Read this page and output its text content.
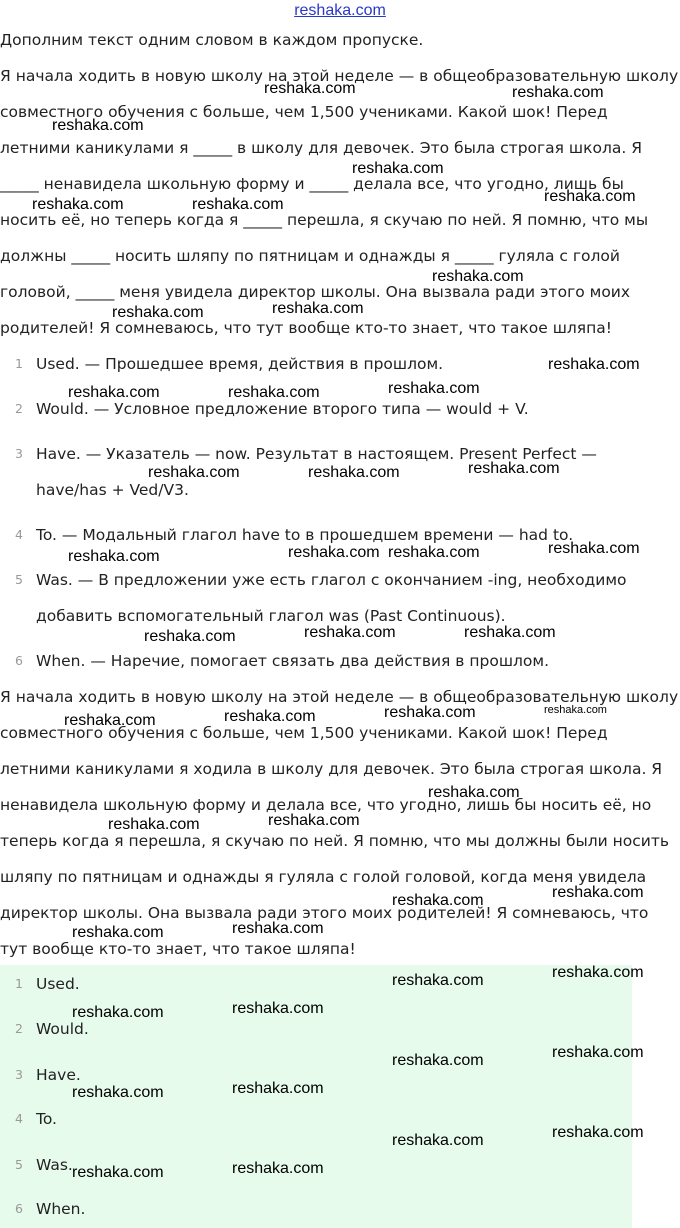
reshaka.com
Дополним текст одним словом в каждом пропуске.
Я начала ходить в новую школу на этой неделе — в общеобразовательную школу совместного обучения с больше, чем 1,500 учениками. Какой шок! Перед летними каникулами я _____ в школу для девочек. Это была строгая школа. Я _____ ненавидела школьную форму и _____ делала все, что угодно, лишь бы носить её, но теперь когда я _____ перешла, я скучаю по ней. Я помню, что мы должны _____ носить шляпу по пятницам и однажды я _____ гуляла с голой головой, _____ меня увидела директор школы. Она вызвала ради этого моих родителей! Я сомневаюсь, что тут вообще кто-то знает, что такое шляпа!
1 Used. — Прошедшее время, действия в прошлом.
2 Would. — Условное предложение второго типа — would + V.
3 Have. — Указатель — now. Результат в настоящем. Present Perfect — have/has + Ved/V3.
4 To. — Модальный глагол have to в прошедшем времени — had to.
5 Was. — В предложении уже есть глагол с окончанием -ing, необходимо добавить вспомогательный глагол was (Past Continuous).
6 When. — Наречие, помогает связать два действия в прошлом.
Я начала ходить в новую школу на этой неделе — в общеобразовательную школу совместного обучения с больше, чем 1,500 учениками. Какой шок! Перед летними каникулами я ходила в школу для девочек. Это была строгая школа. Я ненавидела школьную форму и делала все, что угодно, лишь бы носить её, но теперь когда я перешла, я скучаю по ней. Я помню, что мы должны были носить шляпу по пятницам и однажды я гуляла с голой головой, когда меня увидела директор школы. Она вызвала ради этого моих родителей! Я сомневаюсь, что тут вообще кто-то знает, что такое шляпа!
1 Used.
2 Would.
3 Have.
4 To.
5 Was.
6 When.
reshaka.com	reshaka.com
reshaka.com
reshaka.com
reshaka.com
reshaka.com	reshaka.com
reshaka.com
reshaka.com
reshaka.com
reshaka.com
reshaka.com
reshaka.com	reshaka.com
reshaka.com
reshaka.com	reshaka.com
reshaka.com
reshaka.com reshaka.com
reshaka.com
reshaka.com	reshaka.com
reshaka.com
reshaka.com
reshaka.com
reshaka.com
reshaka.com
reshaka.com
reshaka.com
reshaka.com
reshaka.com
reshaka.com
reshaka.com
reshaka.com
reshaka.com
reshaka.com
reshaka.com
reshaka.com
reshaka.com
reshaka.com
reshaka.com
reshaka.com
reshaka.com
reshaka.com
reshaka.com
reshaka.com
